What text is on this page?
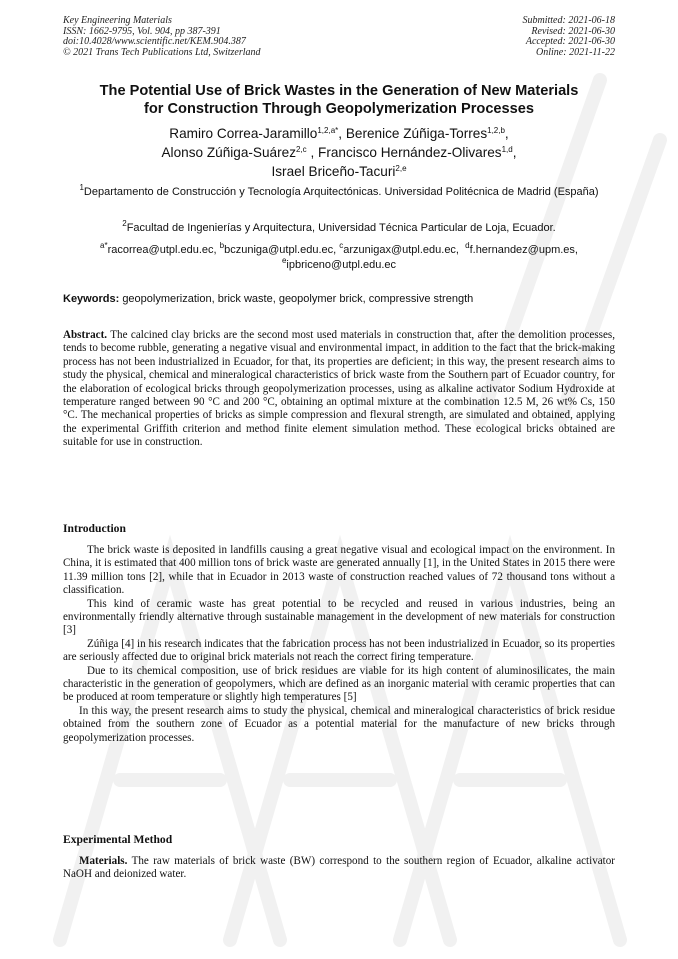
Key Engineering Materials
ISSN: 1662-9795, Vol. 904, pp 387-391
doi:10.4028/www.scientific.net/KEM.904.387
© 2021 Trans Tech Publications Ltd, Switzerland
Submitted: 2021-06-18
Revised: 2021-06-30
Accepted: 2021-06-30
Online: 2021-11-22
The Potential Use of Brick Wastes in the Generation of New Materials
for Construction Through Geopolymerization Processes
Ramiro Correa-Jaramillo$^{1,2,a*}$, Berenice Zúñiga-Torres$^{1,2,b}$,
Alonso Zúñiga-Suárez$^{2,c}$ , Francisco Hernández-Olivares$^{1,d}$,
Israel Briceño-Tacuri$^{2,e}$
$^1$Departamento de Construcción y Tecnología Arquitectónicas. Universidad Politécnica de Madrid (España)
$^2$Facultad de Ingenierías y Arquitectura, Universidad Técnica Particular de Loja, Ecuador.
$^{a*}$racorrea@utpl.edu.ec, $^b$bczuniga@utpl.edu.ec, $^c$arzunigax@utpl.edu.ec, $^d$f.hernandez@upm.es,
$^e$ipbriceno@utpl.edu.ec
Keywords: geopolymerization, brick waste, geopolymer brick, compressive strength
Abstract. The calcined clay bricks are the second most used materials in construction that, after the demolition processes, tends to become rubble, generating a negative visual and environmental impact, in addition to the fact that the brick-making process has not been industrialized in Ecuador, for that, its properties are deficient; in this way, the present research aims to study the physical, chemical and mineralogical characteristics of brick waste from the Southern part of Ecuador country, for the elaboration of ecological bricks through geopolymerization processes, using as alkaline activator Sodium Hydroxide at temperature ranged between 90 °C and 200 °C, obtaining an optimal mixture at the combination 12.5 M, 26 wt% Cs, 150 °C. The mechanical properties of bricks as simple compression and flexural strength, are simulated and obtained, applying the experimental Griffith criterion and method finite element simulation method. These ecological bricks obtained are suitable for use in construction.
Introduction

The brick waste is deposited in landfills causing a great negative visual and ecological impact on the environment. In China, it is estimated that 400 million tons of brick waste are generated annually [1], in the United States in 2015 there were 11.39 million tons [2], while that in Ecuador in 2013 waste of construction reached values of 72 thousand tons without a classification.

This kind of ceramic waste has great potential to be recycled and reused in various industries, being an environmentally friendly alternative through sustainable management in the development of new materials for construction [3]

Zúñiga [4] in his research indicates that the fabrication process has not been industrialized in Ecuador, so its properties are seriously affected due to original brick materials not reach the correct firing temperature.

Due to its chemical composition, use of brick residues are viable for its high content of aluminosilicates, the main characteristic in the generation of geopolymers, which are defined as an inorganic material with ceramic properties that can be produced at room temperature or slightly high temperatures [5]

In this way, the present research aims to study the physical, chemical and mineralogical characteristics of brick residue obtained from the southern zone of Ecuador as a potential material for the manufacture of new bricks through geopolymerization processes.

Experimental Method
Materials. The raw materials of brick waste (BW) correspond to the southern region of Ecuador, alkaline activator NaOH and deionized water.
